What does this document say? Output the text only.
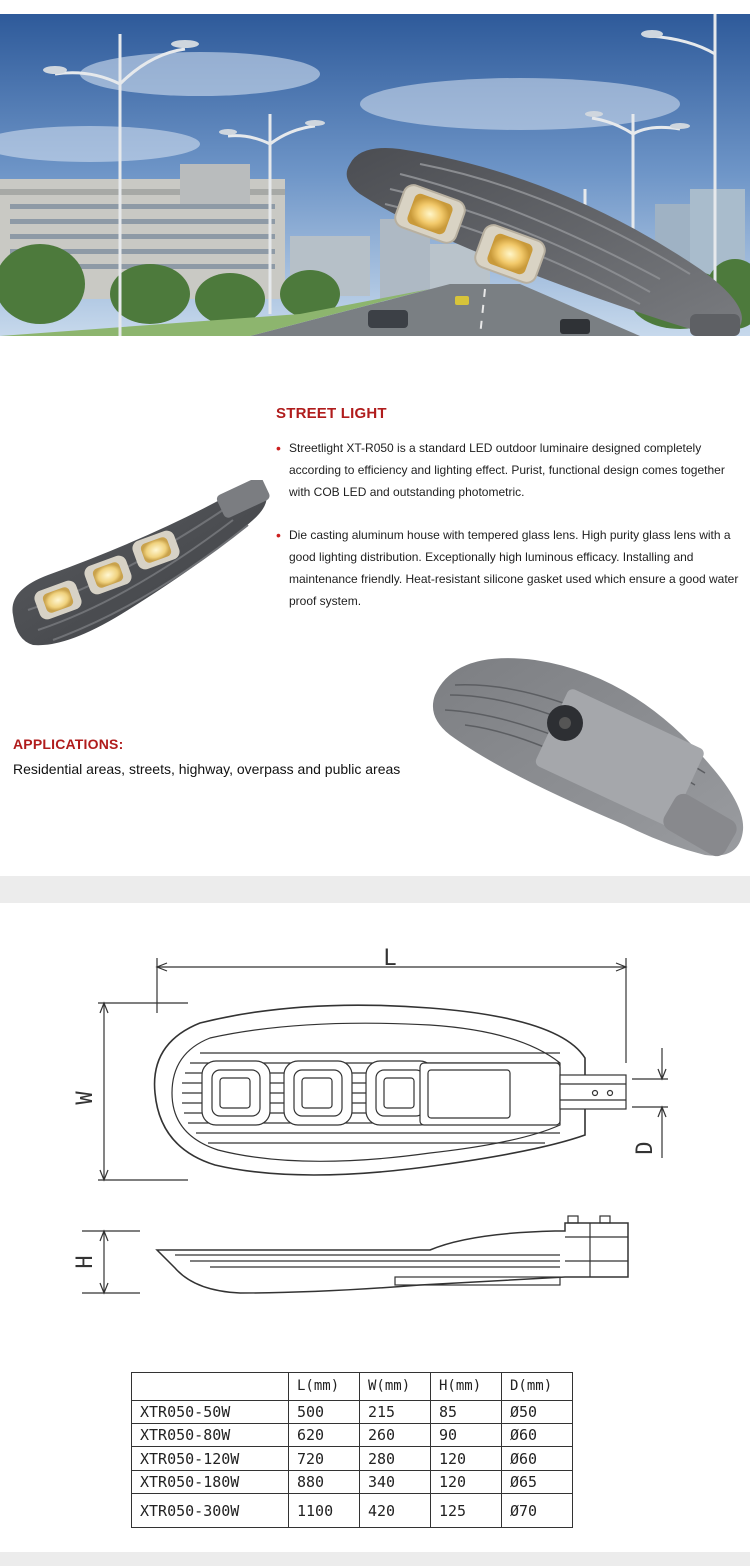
STREET LIGHT
• Streetlight XT-R050 is a standard LED outdoor luminaire designed completely according to efficiency and lighting effect. Purist, functional design comes together with COB LED and outstanding photometric.
• Die casting aluminum house with tempered glass lens. High purity glass lens with a good lighting distribution. Exceptionally high luminous efficacy. Installing and maintenance friendly. Heat-resistant silicone gasket used which ensure a good water proof system.
APPLICATIONS:
Residential areas, streets, highway, overpass and public areas
L
W
D
H
	L(mm)	W(mm)	H(mm)	D(mm)
XTR050-50W	500	215	85	Ø50
XTR050-80W	620	260	90	Ø60
XTR050-120W	720	280	120	Ø60
XTR050-180W	880	340	120	Ø65
XTR050-300W	1100	420	125	Ø70
